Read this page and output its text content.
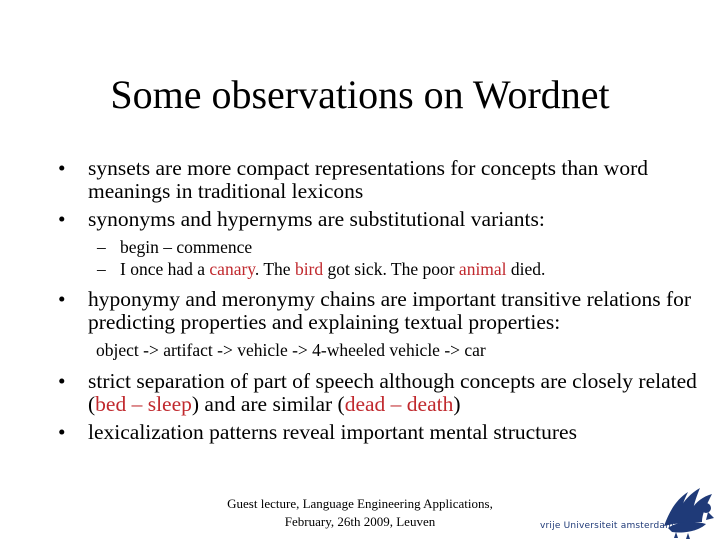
Some observations on Wordnet
• synsets are more compact representations for concepts than word meanings in traditional lexicons
• synonyms and hypernyms are substitutional variants:
– begin – commence
– I once had a canary. The bird got sick. The poor animal died.
• hyponymy and meronymy chains are important transitive relations for predicting properties and explaining textual properties:
object -> artifact -> vehicle -> 4-wheeled vehicle -> car
• strict separation of part of speech although concepts are closely related (bed – sleep) and are similar (dead – death)
• lexicalization patterns reveal important mental structures
Guest lecture, Language Engineering Applications,
February, 26th 2009, Leuven	vrije Universiteit amsterdam
